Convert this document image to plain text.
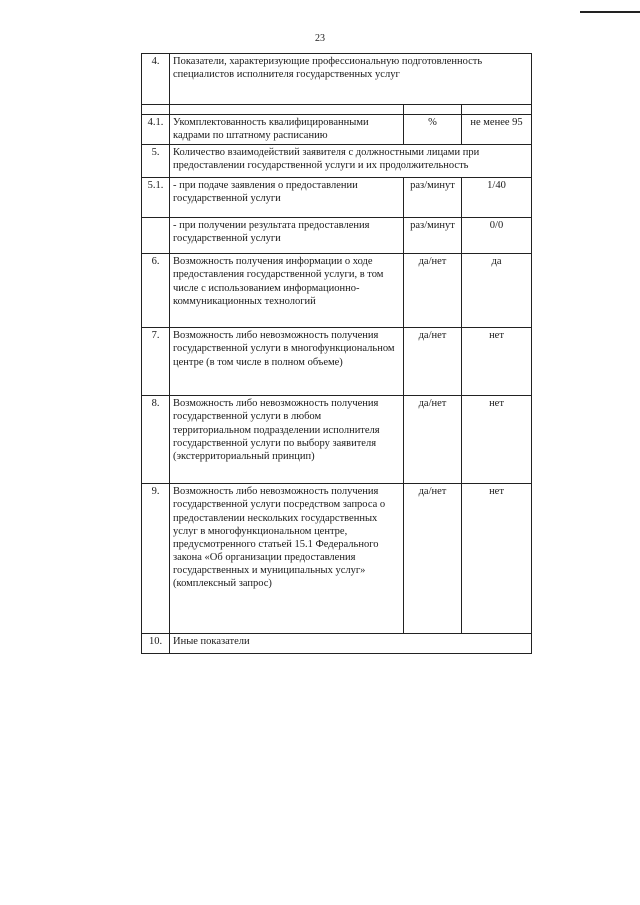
23
4.	Показатели, характеризующие профессиональную подготовленность специалистов исполнителя государственных услуг		

4.1.	Укомплектованность квалифицированными кадрами по штатному расписанию	%	не менее 95
5.	Количество взаимодействий заявителя с должностными лицами при предоставлении государственной услуги и их продолжительность		
5.1.	- при подаче заявления о предоставлении государственной услуги	раз/минут	1/40
	- при получении результата предоставления государственной услуги	раз/минут	0/0
6.	Возможность получения информации о ходе предоставления государственной услуги, в том числе с использованием информационно-коммуникационных технологий	да/нет	да
7.	Возможность либо невозможность получения государственной услуги в многофункциональном центре (в том числе в полном объеме)	да/нет	нет
8.	Возможность либо невозможность получения государственной услуги в любом территориальном подразделении исполнителя государственной услуги по выбору заявителя (экстерриториальный принцип)	да/нет	нет
9.	Возможность либо невозможность получения государственной услуги посредством запроса о предоставлении нескольких государственных услуг в многофункциональном центре, предусмотренного статьей 15.1 Федерального закона «Об организации предоставления государственных и муниципальных услуг» (комплексный запрос)	да/нет	нет
10.	Иные показатели		
